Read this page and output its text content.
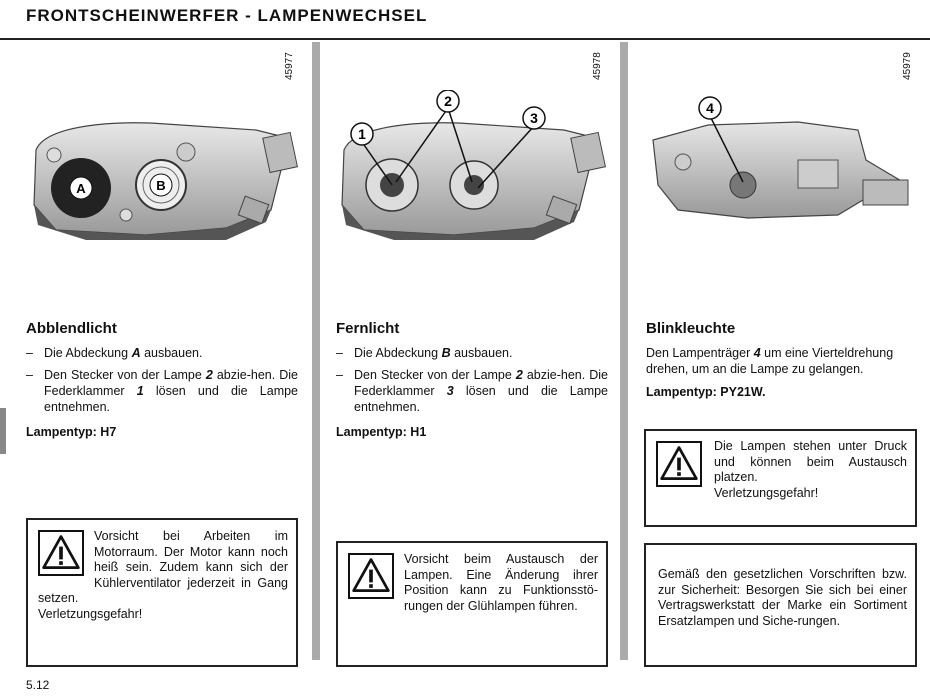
FRONTSCHEINWERFER - LAMPENWECHSEL
45977	45978	45979
A	B
1
2
3
4
Abblendlicht
– Die Abdeckung A ausbauen.
– Den Stecker von der Lampe 2 abzie-hen. Die Federklammer 1 lösen und die Lampe entnehmen.
Lampentyp: H7
Vorsicht bei Arbeiten im Motorraum. Der Motor kann noch heiß sein. Zudem kann sich der Kühlerventilator jederzeit in Gang setzen.
Verletzungsgefahr!
Fernlicht
– Die Abdeckung B ausbauen.
– Den Stecker von der Lampe 2 abzie-hen. Die Federklammer 3 lösen und die Lampe entnehmen.
Lampentyp: H1
Vorsicht beim Austausch der Lampen. Eine Änderung ihrer Position kann zu Funktionsstö-rungen der Glühlampen führen.
Blinkleuchte
Den Lampenträger 4 um eine Vierteldrehung drehen, um an die Lampe zu gelangen.
Lampentyp: PY21W.
Die Lampen stehen unter Druck und können beim Austausch platzen.
Verletzungsgefahr!
Gemäß den gesetzlichen Vorschriften bzw. zur Sicherheit: Besorgen Sie sich bei einer Vertragswerkstatt der Marke ein Sortiment Ersatzlampen und Siche-rungen.
5.12
